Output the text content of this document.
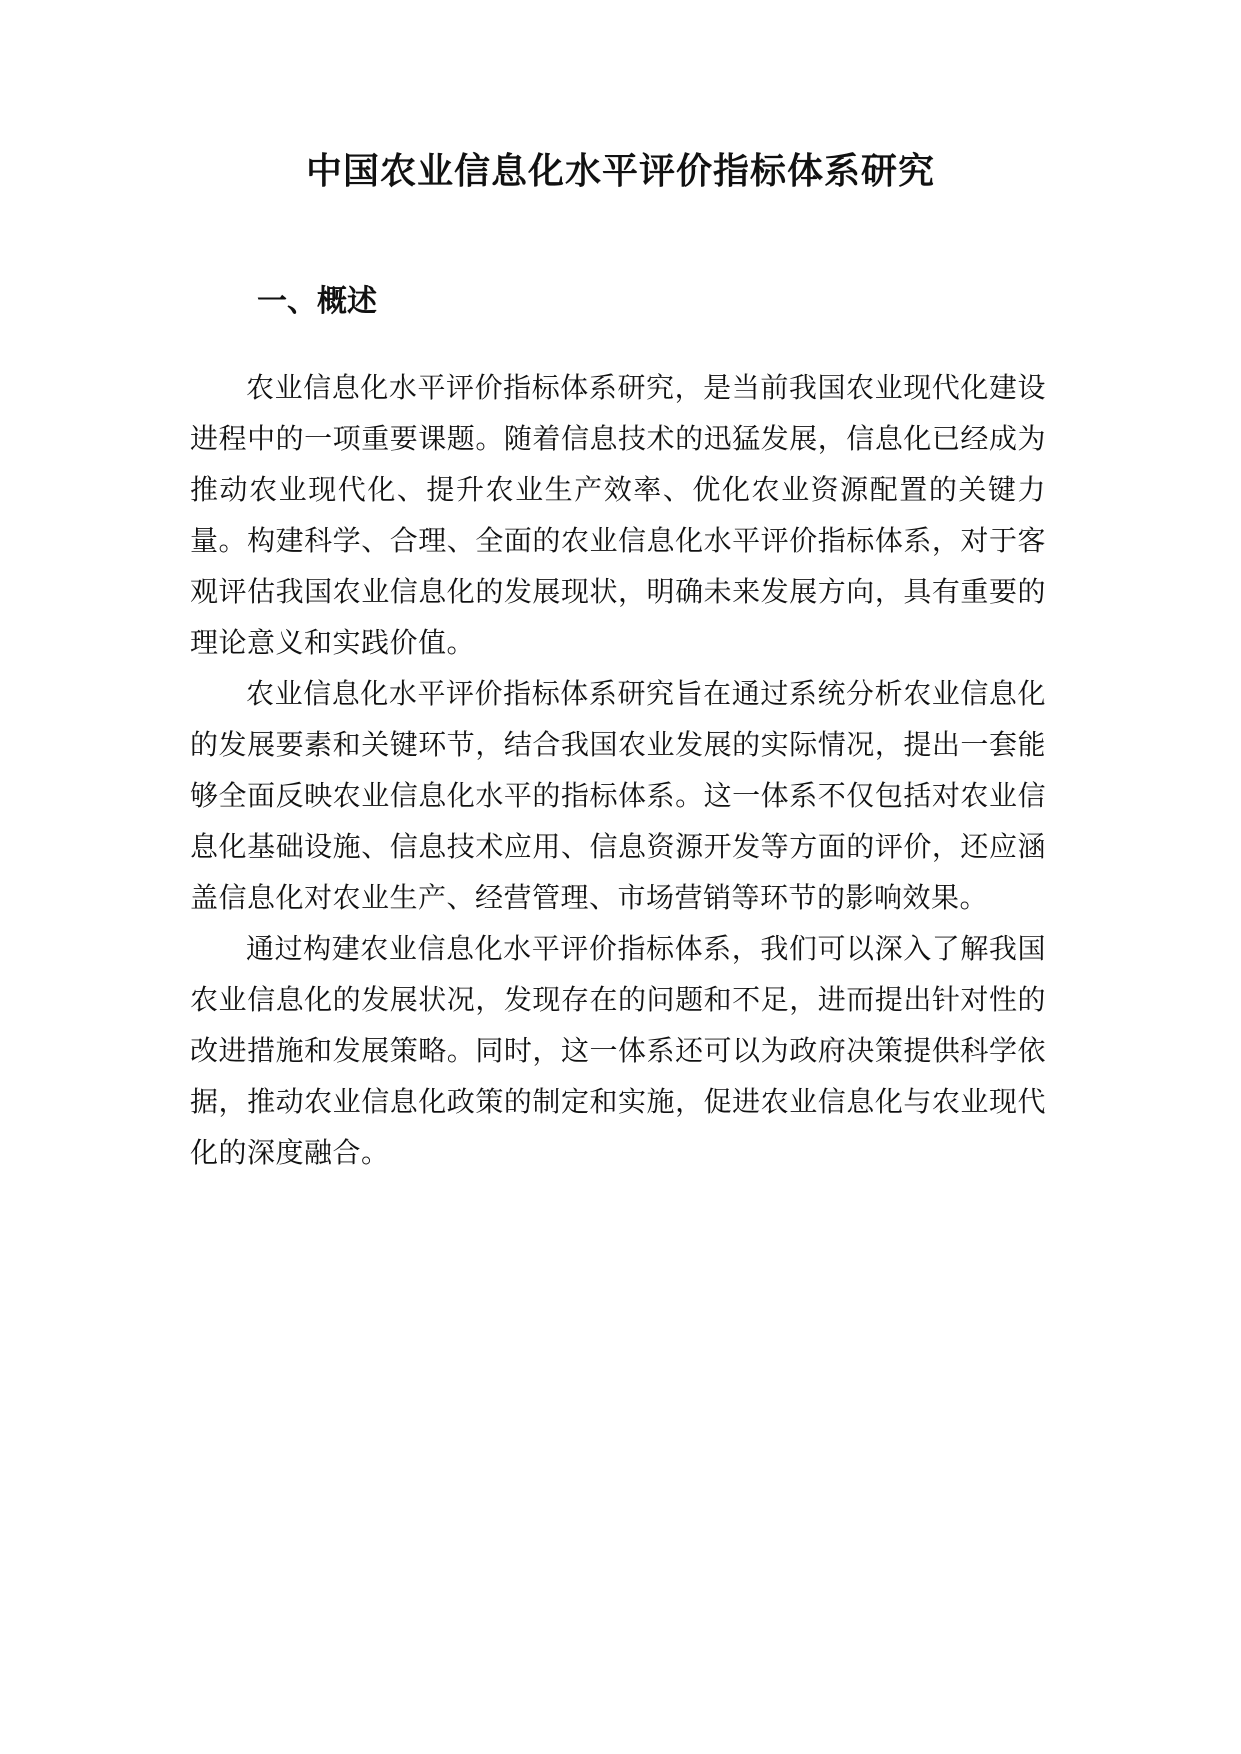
中国农业信息化水平评价指标体系研究
一、概述

农业信息化水平评价指标体系研究，是当前我国农业现代化建设进程中的一项重要课题。随着信息技术的迅猛发展，信息化已经成为推动农业现代化、提升农业生产效率、优化农业资源配置的关键力量。构建科学、合理、全面的农业信息化水平评价指标体系，对于客观评估我国农业信息化的发展现状，明确未来发展方向，具有重要的理论意义和实践价值。

农业信息化水平评价指标体系研究旨在通过系统分析农业信息化的发展要素和关键环节，结合我国农业发展的实际情况，提出一套能够全面反映农业信息化水平的指标体系。这一体系不仅包括对农业信息化基础设施、信息技术应用、信息资源开发等方面的评价，还应涵盖信息化对农业生产、经营管理、市场营销等环节的影响效果。

通过构建农业信息化水平评价指标体系，我们可以深入了解我国农业信息化的发展状况，发现存在的问题和不足，进而提出针对性的改进措施和发展策略。同时，这一体系还可以为政府决策提供科学依据，推动农业信息化政策的制定和实施，促进农业信息化与农业现代化的深度融合。
